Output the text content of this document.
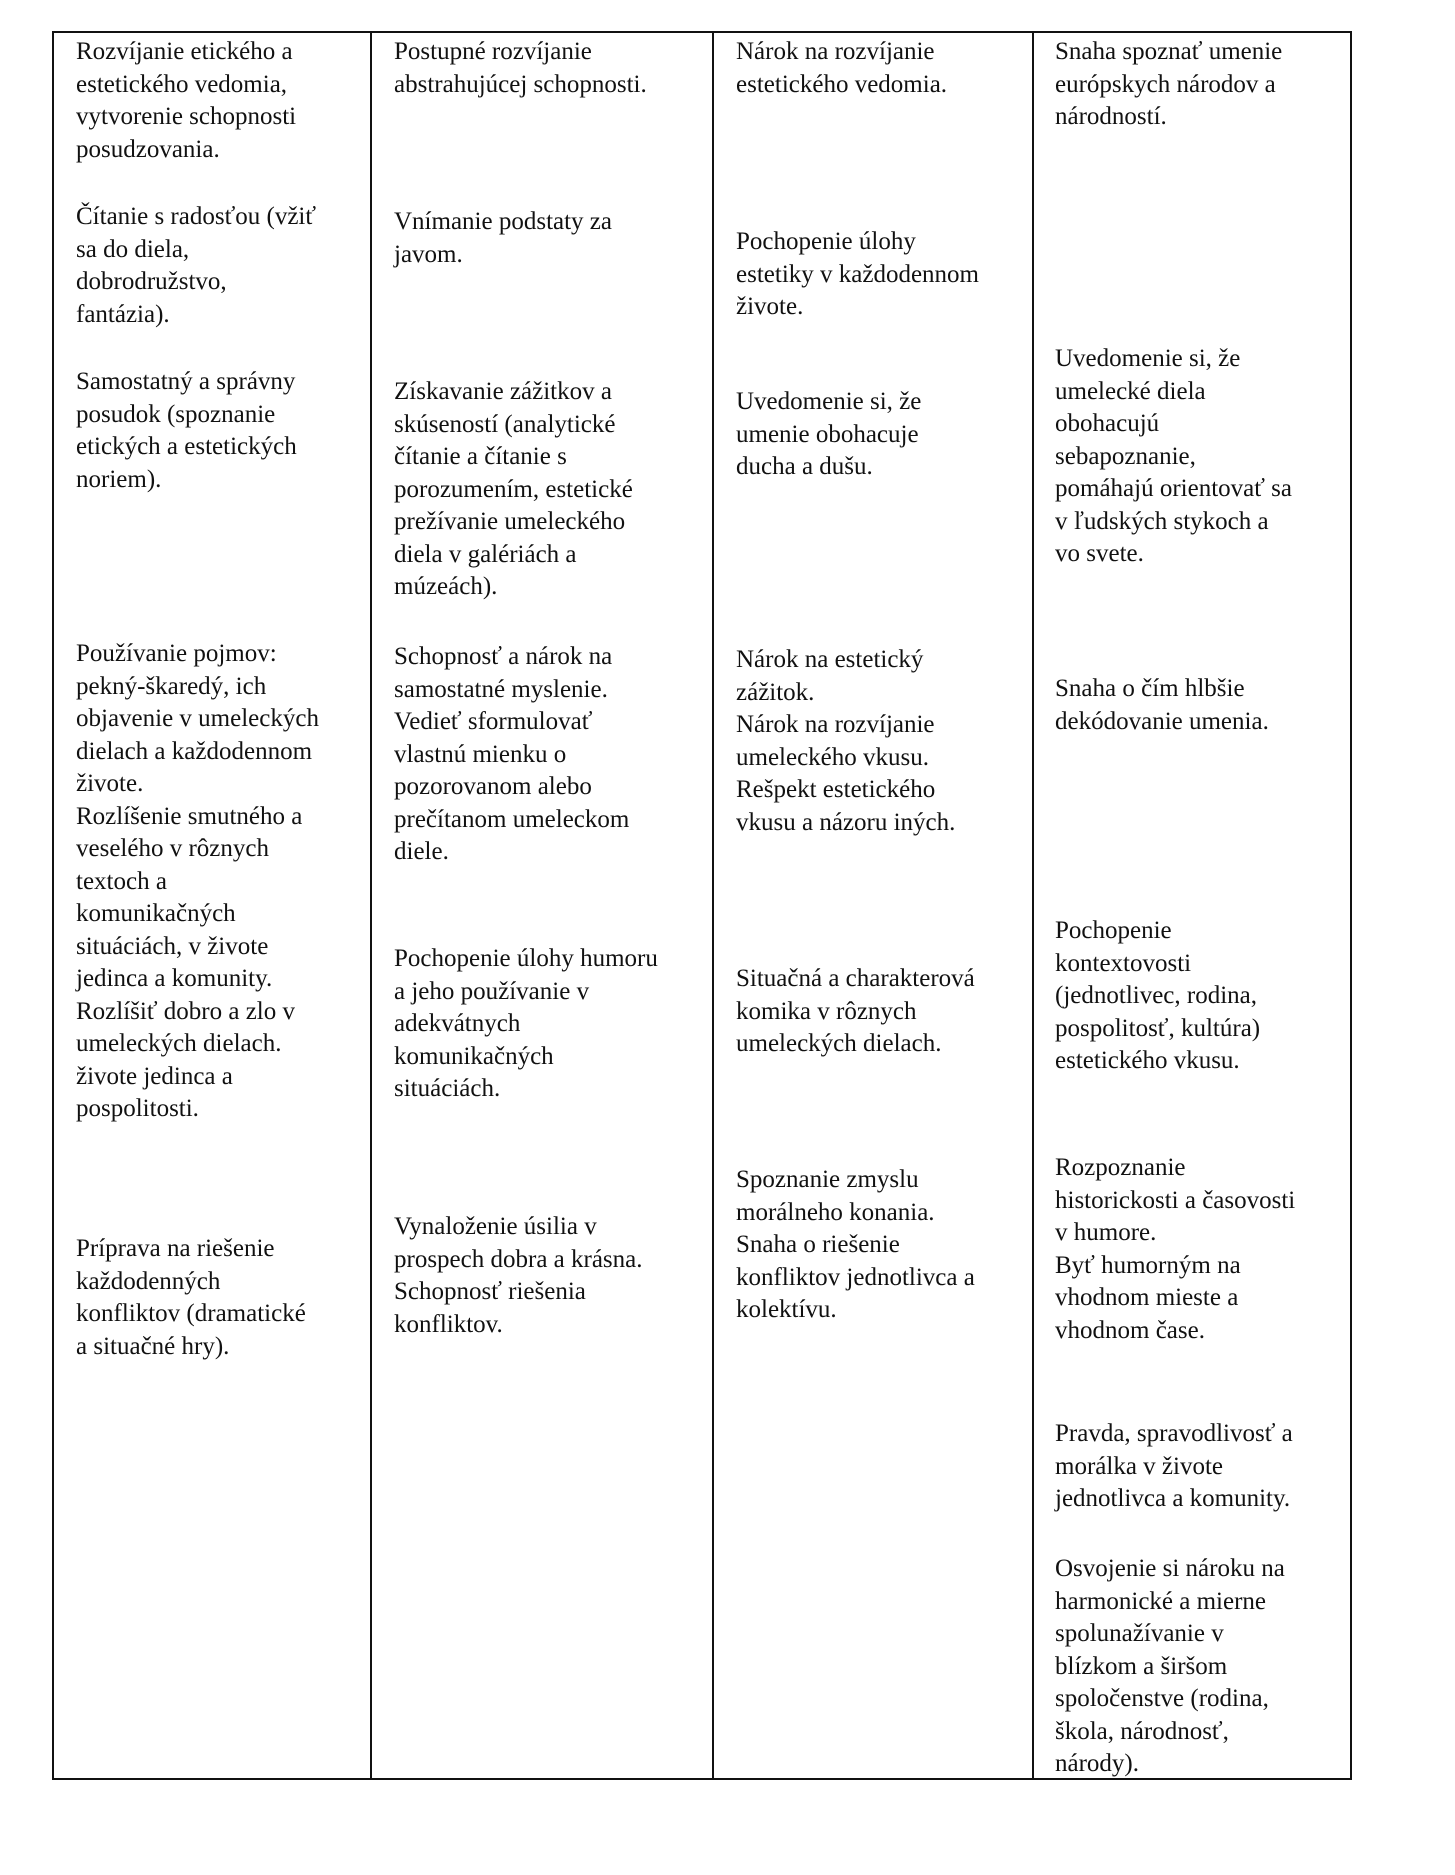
Rozvíjanie etického a
estetického vedomia,
vytvorenie schopnosti
posudzovania.

Čítanie s radosťou (vžiť
sa do diela,
dobrodružstvo,
fantázia).

Samostatný a správny
posudok (spoznanie
etických a estetických
noriem).

Používanie pojmov:
pekný-škaredý, ich
objavenie v umeleckých
dielach a každodennom
živote.
Rozlíšenie smutného a
veselého v rôznych
textoch a
komunikačných
situáciách, v živote
jedinca a komunity.
Rozlíšiť dobro a zlo v
umeleckých dielach.
živote jedinca a
pospolitosti.

Príprava na riešenie
každodenných
konfliktov (dramatické
a situačné hry).

Postupné rozvíjanie
abstrahujúcej schopnosti.

Vnímanie podstaty za
javom.

Získavanie zážitkov a
skúseností (analytické
čítanie a čítanie s
porozumením, estetické
prežívanie umeleckého
diela v galériách a
múzeách).

Schopnosť a nárok na
samostatné myslenie.
Vedieť sformulovať
vlastnú mienku o
pozorovanom alebo
prečítanom umeleckom
diele.

Pochopenie úlohy humoru
a jeho používanie v
adekvátnych
komunikačných
situáciách.

Vynaloženie úsilia v
prospech dobra a krásna.
Schopnosť riešenia
konfliktov.

Nárok na rozvíjanie
estetického vedomia.

Pochopenie úlohy
estetiky v každodennom
živote.

Uvedomenie si, že
umenie obohacuje
ducha a dušu.

Nárok na estetický
zážitok.
Nárok na rozvíjanie
umeleckého vkusu.
Rešpekt estetického
vkusu a názoru iných.

Situačná a charakterová
komika v rôznych
umeleckých dielach.

Spoznanie zmyslu
morálneho konania.
Snaha o riešenie
konfliktov jednotlivca a
kolektívu.

Snaha spoznať umenie
európskych národov a
národností.

Uvedomenie si, že
umelecké diela
obohacujú
sebapoznanie,
pomáhajú orientovať sa
v ľudských stykoch a
vo svete.

Snaha o čím hlbšie
dekódovanie umenia.

Pochopenie
kontextovosti
(jednotlivec, rodina,
pospolitosť, kultúra)
estetického vkusu.

Rozpoznanie
historickosti a časovosti
v humore.
Byť humorným na
vhodnom mieste a
vhodnom čase.

Pravda, spravodlivosť a
morálka v živote
jednotlivca a komunity.

Osvojenie si nároku na
harmonické a mierne
spolunažívanie v
blízkom a širšom
spoločenstve (rodina,
škola, národnosť,
národy).
